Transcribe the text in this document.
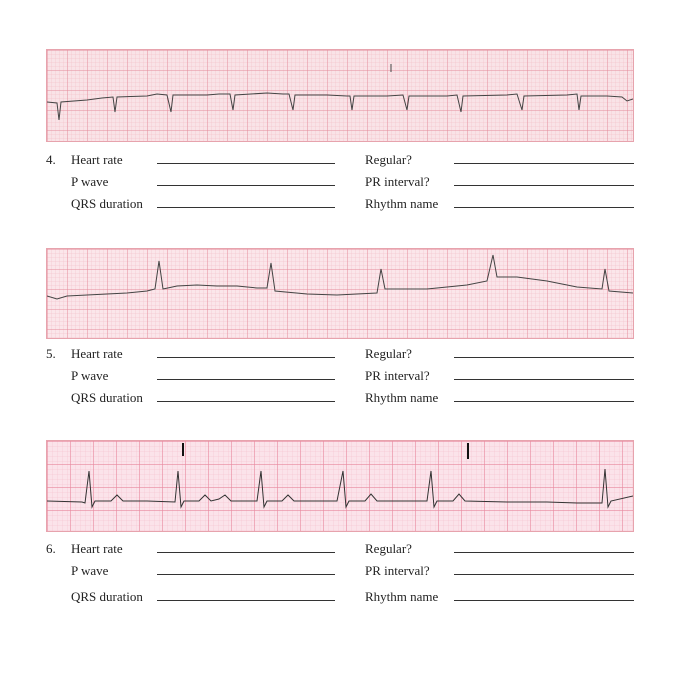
4. Heart rate	Regular?
P wave	PR interval?
QRS duration	Rhythm name
5. Heart rate	Regular?
P wave	PR interval?
QRS duration	Rhythm name
6. Heart rate	Regular?
P wave	PR interval?
QRS duration	Rhythm name
